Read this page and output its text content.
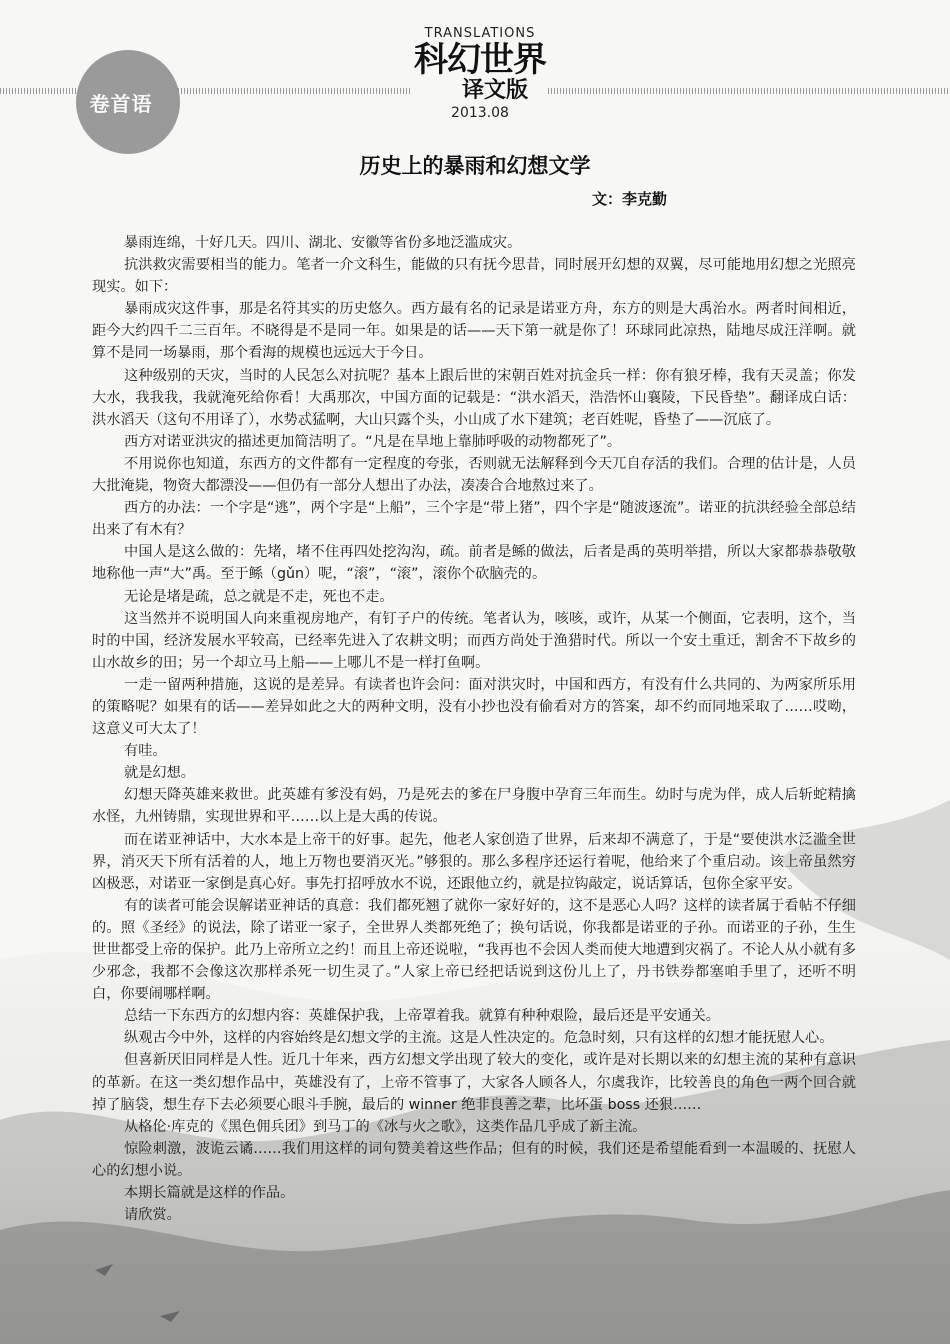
卷首语
TRANSLATIONS
科幻世界
译文版
2013.08
历史上的暴雨和幻想文学
文：李克勤

暴雨连绵，十好几天。四川、湖北、安徽等省份多地泛滥成灾。

抗洪救灾需要相当的能力。笔者一介文科生，能做的只有抚今思昔，同时展开幻想的双翼，尽可能地用幻想之光照亮现实。如下：

暴雨成灾这件事，那是名符其实的历史悠久。西方最有名的记录是诺亚方舟，东方的则是大禹治水。两者时间相近，距今大约四千二三百年。不晓得是不是同一年。如果是的话——天下第一就是你了！环球同此凉热，陆地尽成汪洋啊。就算不是同一场暴雨，那个看海的规模也远远大于今日。

这种级别的天灾，当时的人民怎么对抗呢？基本上跟后世的宋朝百姓对抗金兵一样：你有狼牙棒，我有天灵盖；你发大水，我我我，我就淹死给你看！大禹那次，中国方面的记载是：“洪水滔天，浩浩怀山襄陵，下民昏垫”。翻译成白话：洪水滔天（这句不用译了），水势忒猛啊，大山只露个头，小山成了水下建筑；老百姓呢，昏垫了——沉底了。

西方对诺亚洪灾的描述更加简洁明了。“凡是在旱地上靠肺呼吸的动物都死了”。

不用说你也知道，东西方的文件都有一定程度的夸张，否则就无法解释到今天兀自存活的我们。合理的估计是，人员大批淹毙，物资大都漂没——但仍有一部分人想出了办法，凑凑合合地熬过来了。

西方的办法：一个字是“逃”，两个字是“上船”，三个字是“带上猪”，四个字是“随波逐流”。诺亚的抗洪经验全部总结出来了有木有？

中国人是这么做的：先堵，堵不住再四处挖沟沟，疏。前者是鲧的做法，后者是禹的英明举措，所以大家都恭恭敬敬地称他一声“大”禹。至于鲧（gǔn）呢，“滚”，“滚”，滚你个砍脑壳的。

无论是堵是疏，总之就是不走，死也不走。

这当然并不说明国人向来重视房地产，有钉子户的传统。笔者认为，咳咳，或许，从某一个侧面，它表明，这个，当时的中国，经济发展水平较高，已经率先进入了农耕文明；而西方尚处于渔猎时代。所以一个安土重迁，割舍不下故乡的山水故乡的田；另一个却立马上船——上哪儿不是一样打鱼啊。

一走一留两种措施，这说的是差异。有读者也许会问：面对洪灾时，中国和西方，有没有什么共同的、为两家所乐用的策略呢？如果有的话——差异如此之大的两种文明，没有小抄也没有偷看对方的答案，却不约而同地采取了……哎呦，这意义可大太了！

有哇。

就是幻想。

幻想天降英雄来救世。此英雄有爹没有妈，乃是死去的爹在尸身腹中孕育三年而生。幼时与虎为伴，成人后斩蛇精擒水怪，九州铸鼎，实现世界和平……以上是大禹的传说。

而在诺亚神话中，大水本是上帝干的好事。起先，他老人家创造了世界，后来却不满意了，于是“要使洪水泛滥全世界，消灭天下所有活着的人，地上万物也要消灭光。”够狠的。那么多程序还运行着呢，他给来了个重启动。该上帝虽然穷凶极恶，对诺亚一家倒是真心好。事先打招呼放水不说，还跟他立约，就是拉钩敲定，说话算话，包你全家平安。

有的读者可能会误解诺亚神话的真意：我们都死翘了就你一家好好的，这不是恶心人吗？这样的读者属于看帖不仔细的。照《圣经》的说法，除了诺亚一家子，全世界人类都死绝了；换句话说，你我都是诺亚的子孙。而诺亚的子孙，生生世世都受上帝的保护。此乃上帝所立之约！而且上帝还说啦，“我再也不会因人类而使大地遭到灾祸了。不论人从小就有多少邪念，我都不会像这次那样杀死一切生灵了。”人家上帝已经把话说到这份儿上了，丹书铁券都塞咱手里了，还听不明白，你要闹哪样啊。

总结一下东西方的幻想内容：英雄保护我，上帝罩着我。就算有种种艰险，最后还是平安通关。

纵观古今中外，这样的内容始终是幻想文学的主流。这是人性决定的。危急时刻，只有这样的幻想才能抚慰人心。

但喜新厌旧同样是人性。近几十年来，西方幻想文学出现了较大的变化，或许是对长期以来的幻想主流的某种有意识的革新。在这一类幻想作品中，英雄没有了，上帝不管事了，大家各人顾各人，尔虞我诈，比较善良的角色一两个回合就掉了脑袋，想生存下去必须要心眼斗手腕，最后的 winner 绝非良善之辈，比坏蛋 boss 还狠……

从格伦·库克的《黑色佣兵团》到马丁的《冰与火之歌》，这类作品几乎成了新主流。

惊险刺激，波诡云谲……我们用这样的词句赞美着这些作品；但有的时候，我们还是希望能看到一本温暖的、抚慰人心的幻想小说。

本期长篇就是这样的作品。

请欣赏。
